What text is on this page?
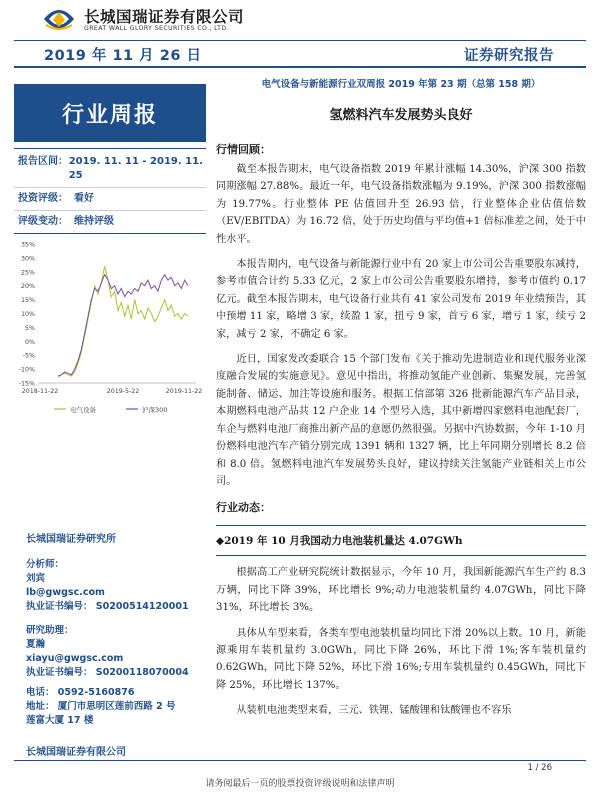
长城国瑞证券有限公司
GREAT WALL GLORY SECURITIES CO., LTD.
2019 年 11 月 26 日	证券研究报告
行业周报
报告区间： 2019. 11. 11 - 2019. 11. 25
投资评级： 看好
评级变动： 维持评级
35%
30%
25%
20%
15%
10%
5%
0%
-5%
-10%
-15%
2018-11-22	2019-5-22	2019-11-22
电气设备	沪深300
长城国瑞证券研究所
分析师：
刘宾
lb@gwgsc.com
执业证书编号： S0200514120001
研究助理：
夏瀚
xiayu@gwgsc.com
执业证书编号： S0200118070004
电话： 0592-5160876
地址： 厦门市思明区莲前西路 2 号
莲富大厦 17 楼
长城国瑞证券有限公司
电气设备与新能源行业双周报 2019 年第 23 期（总第 158 期）
氢燃料汽车发展势头良好
行情回顾：
截至本报告期末，电气设备指数 2019 年累计涨幅 14.30%，沪深 300 指数同期涨幅 27.88%。最近一年，电气设备指数涨幅为 9.19%，沪深 300 指数涨幅为 19.77%。行业整体 PE 估值回升至 26.93 倍，行业整体企业估值倍数（EV/EBITDA）为 16.72 倍，处于历史均值与平均值+1 倍标准差之间，处于中性水平。
本报告期内，电气设备与新能源行业中有 20 家上市公司公告重要股东减持，参考市值合计约 5.33 亿元，2 家上市公司公告重要股东增持，参考市值约 0.17 亿元。截至本报告期末，电气设备行业共有 41 家公司发布 2019 年业绩预告，其中预增 11 家，略增 3 家，续盈 1 家，扭亏 9 家，首亏 6 家，增亏 1 家，续亏 2 家，减亏 2 家，不确定 6 家。
近日，国家发改委联合 15 个部门发布《关于推动先进制造业和现代服务业深度融合发展的实施意见》。意见中指出，将推动氢能产业创新、集聚发展，完善氢能制备、储运、加注等设施和服务。根据工信部第 326 批新能源汽车产品目录，本期燃料电池产品共 12 户企业 14 个型号入选，其中新增四家燃料电池配套厂，车企与燃料电池厂商推出新产品的意愿仍然很强。另据中汽协数据，今年 1-10 月份燃料电池汽车产销分别完成 1391 辆和 1327 辆，比上年同期分别增长 8.2 倍和 8.0 倍。氢燃料电池汽车发展势头良好，建议持续关注氢能产业链相关上市公司。
行业动态：
◆2019 年 10 月我国动力电池装机量达 4.07GWh
根据高工产业研究院统计数据显示，今年 10 月，我国新能源汽车生产约 8.3 万辆，同比下降 39%，环比增长 9%;动力电池装机量约 4.07GWh，同比下降 31%，环比增长 3%。
具体从车型来看，各类车型电池装机量均同比下滑 20%以上数。10 月，新能源乘用车装机量约 3.0GWh，同比下降 26%，环比下滑 1%;客车装机量约 0.62GWh，同比下降 52%，环比下滑 16%;专用车装机量约 0.45GWh，同比下降 25%，环比增长 137%。
从装机电池类型来看，三元、铁锂、锰酸锂和钛酸锂也不容乐
1 / 26
请务阅最后一页的股票投资评级说明和法律声明
